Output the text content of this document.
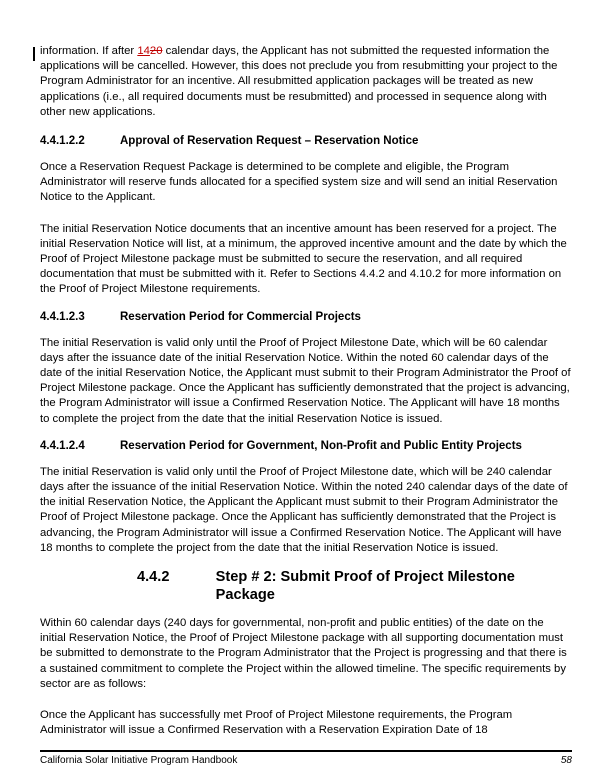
information. If after 1420 calendar days, the Applicant has not submitted the requested information the applications will be cancelled. However, this does not preclude you from resubmitting your project to the Program Administrator for an incentive. All resubmitted application packages will be treated as new applications (i.e., all required documents must be resubmitted) and processed in sequence along with other new applications.

4.4.1.2.2	Approval of Reservation Request – Reservation Notice

Once a Reservation Request Package is determined to be complete and eligible, the Program Administrator will reserve funds allocated for a specified system size and will send an initial Reservation Notice to the Applicant.

The initial Reservation Notice documents that an incentive amount has been reserved for a project. The initial Reservation Notice will list, at a minimum, the approved incentive amount and the date by which the Proof of Project Milestone package must be submitted to secure the reservation, and all required documentation that must be submitted with it. Refer to Sections 4.4.2 and 4.10.2 for more information on the Proof of Project Milestone requirements.

4.4.1.2.3	Reservation Period for Commercial Projects

The initial Reservation is valid only until the Proof of Project Milestone Date, which will be 60 calendar days after the issuance date of the initial Reservation Notice. Within the noted 60 calendar days of the date of the initial Reservation Notice, the Applicant must submit to their Program Administrator the Proof of Project Milestone package. Once the Applicant has sufficiently demonstrated that the project is advancing, the Program Administrator will issue a Confirmed Reservation Notice. The Applicant will have 18 months to complete the project from the date that the initial Reservation Notice is issued.

4.4.1.2.4	Reservation Period for Government, Non-Profit and Public Entity Projects

The initial Reservation is valid only until the Proof of Project Milestone date, which will be 240 calendar days after the issuance of the initial Reservation Notice. Within the noted 240 calendar days of the date of the initial Reservation Notice, the Applicant the Applicant must submit to their Program Administrator the Proof of Project Milestone package. Once the Applicant has sufficiently demonstrated that the Project is advancing, the Program Administrator will issue a Confirmed Reservation Notice. The Applicant will have 18 months to complete the project from the date that the initial Reservation Notice is issued.

4.4.2	Step # 2: Submit Proof of Project Milestone Package

Within 60 calendar days (240 days for governmental, non-profit and public entities) of the date on the initial Reservation Notice, the Proof of Project Milestone package with all supporting documentation must be submitted to demonstrate to the Program Administrator that the Project is progressing and that there is a sustained commitment to complete the Project within the allowed timeline. The specific requirements by sector are as follows:

Once the Applicant has successfully met Proof of Project Milestone requirements, the Program Administrator will issue a Confirmed Reservation with a Reservation Expiration Date of 18

California Solar Initiative Program Handbook	58
